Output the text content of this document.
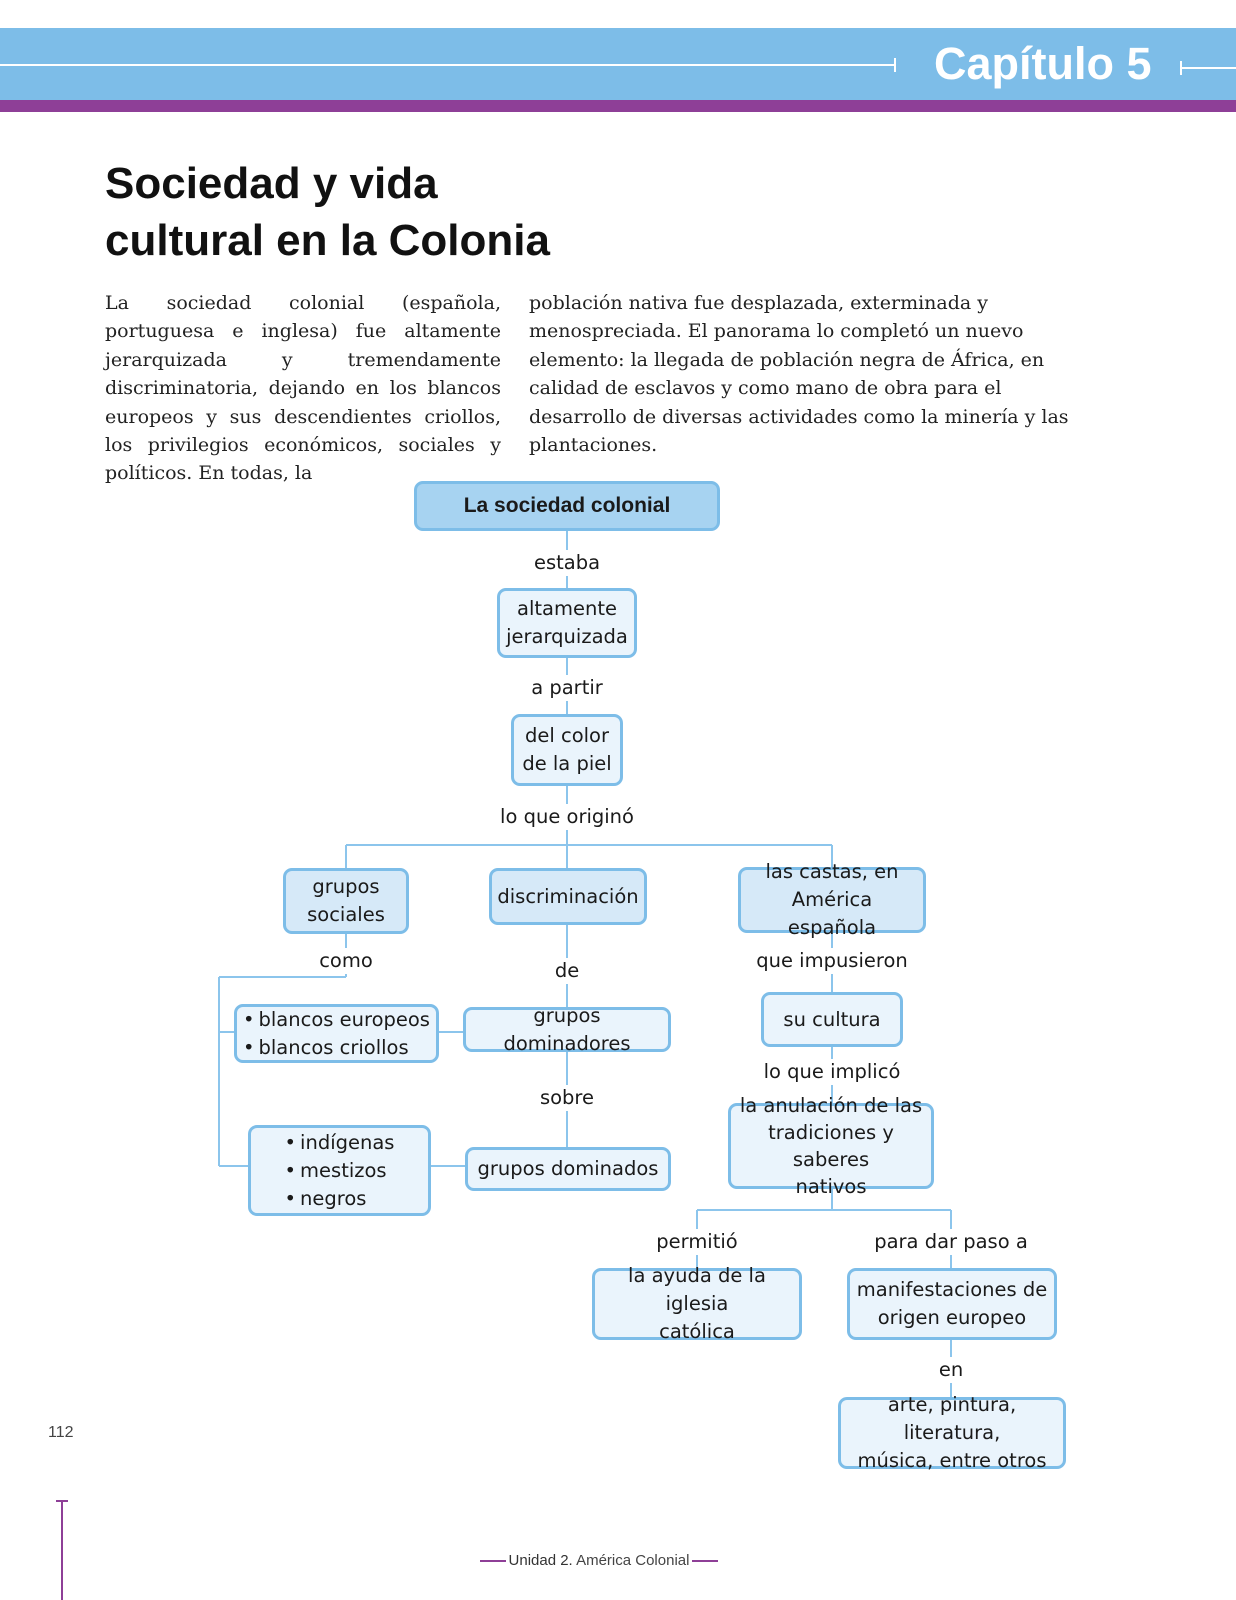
Capítulo 5
Sociedad y vida
cultural en la Colonia

La sociedad colonial (española, portuguesa e inglesa) fue altamente jerarquizada y tremendamente discriminatoria, dejando en los blancos europeos y sus descendientes criollos, los privilegios económicos, sociales y políticos. En todas, la

población nativa fue desplazada, exterminada y menospreciada. El panorama lo completó un nuevo elemento: la llegada de población negra de África, en calidad de esclavos y como mano de obra para el desarrollo de diversas actividades como la minería y las plantaciones.

La sociedad colonial
estaba
altamente
jerarquizada
a partir
del color
de la piel
lo que originó
grupos
sociales
discriminación
las castas, en
América española
como	de	que impusieron
• blancos europeos
• blancos criollos
grupos dominadores
su cultura
sobre
lo que implicó
• indígenas
• mestizos
• negros
grupos dominados
la anulación de las
tradiciones y saberes
nativos
permitió	para dar paso a
la ayuda de la iglesia
católica
manifestaciones de
origen europeo
en
arte, pintura, literatura,
música, entre otros
112
Unidad 2. América Colonial
